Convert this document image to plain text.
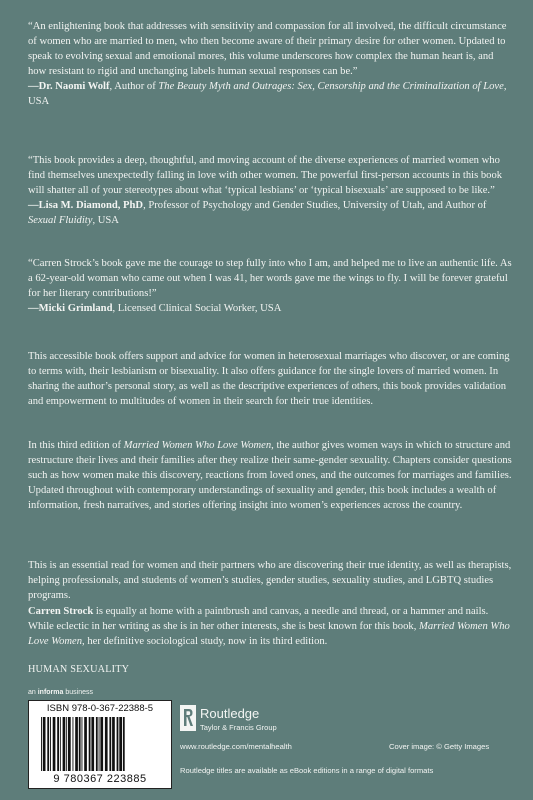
“An enlightening book that addresses with sensitivity and compassion for all involved, the difficult circumstance of women who are married to men, who then become aware of their primary desire for other women. Updated to speak to evolving sexual and emotional mores, this volume underscores how complex the human heart is, and how resistant to rigid and unchanging labels human sexual responses can be.”

—Dr. Naomi Wolf, Author of The Beauty Myth and Outrages: Sex, Censorship and the Criminalization of Love, USA

“This book provides a deep, thoughtful, and moving account of the diverse experiences of married women who find themselves unexpectedly falling in love with other women. The powerful first-person accounts in this book will shatter all of your stereotypes about what ‘typical lesbians’ or ‘typical bisexuals’ are supposed to be like.”

—Lisa M. Diamond, PhD, Professor of Psychology and Gender Studies, University of Utah, and Author of Sexual Fluidity, USA

“Carren Strock’s book gave me the courage to step fully into who I am, and helped me to live an authentic life. As a 62-year-old woman who came out when I was 41, her words gave me the wings to fly. I will be forever grateful for her literary contributions!”

—Micki Grimland, Licensed Clinical Social Worker, USA

This accessible book offers support and advice for women in heterosexual marriages who discover, or are coming to terms with, their lesbianism or bisexuality. It also offers guidance for the single lovers of married women. In sharing the author’s personal story, as well as the descriptive experiences of others, this book provides validation and empowerment to multitudes of women in their search for their true identities.

In this third edition of Married Women Who Love Women, the author gives women ways in which to structure and restructure their lives and their families after they realize their same-gender sexuality. Chapters consider questions such as how women make this discovery, reactions from loved ones, and the outcomes for marriages and families. Updated throughout with contemporary understandings of sexuality and gender, this book includes a wealth of information, fresh narratives, and stories offering insight into women’s experiences across the country.

This is an essential read for women and their partners who are discovering their true identity, as well as therapists, helping professionals, and students of women’s studies, gender studies, sexuality studies, and LGBTQ studies programs.

Carren Strock is equally at home with a paintbrush and canvas, a needle and thread, or a hammer and nails. While eclectic in her writing as she is in her other interests, she is best known for this book, Married Women Who Love Women, her definitive sociological study, now in its third edition.

HUMAN SEXUALITY
an informa business
ISBN 978-0-367-22388-5
9 780367 223885
Routledge
Taylor & Francis Group
www.routledge.com/mentalhealth	Cover image: © Getty Images
Routledge titles are available as eBook editions in a range of digital formats
